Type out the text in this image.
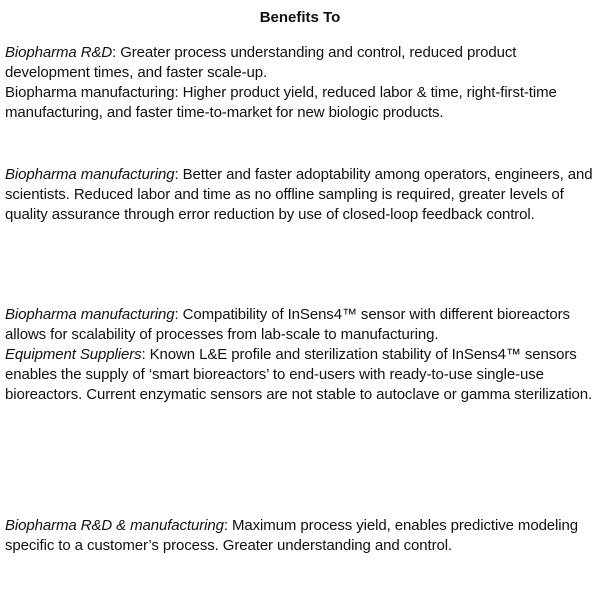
Benefits To

Biopharma R&D: Greater process understanding and control, reduced product development times, and faster scale-up.

Biopharma manufacturing: Higher product yield, reduced labor & time, right-first-time manufacturing, and faster time-to-market for new biologic products.

Biopharma manufacturing: Better and faster adoptability among operators, engineers, and scientists. Reduced labor and time as no offline sampling is required, greater levels of quality assurance through error reduction by use of closed-loop feedback control.

Biopharma manufacturing: Compatibility of InSens4™ sensor with different bioreactors allows for scalability of processes from lab-scale to manufacturing.

Equipment Suppliers: Known L&E profile and sterilization stability of InSens4™ sensors enables the supply of ‘smart bioreactors’ to end-users with ready-to-use single-use bioreactors. Current enzymatic sensors are not stable to autoclave or gamma sterilization.

Biopharma R&D & manufacturing: Maximum process yield, enables predictive modeling specific to a customer’s process. Greater understanding and control.
